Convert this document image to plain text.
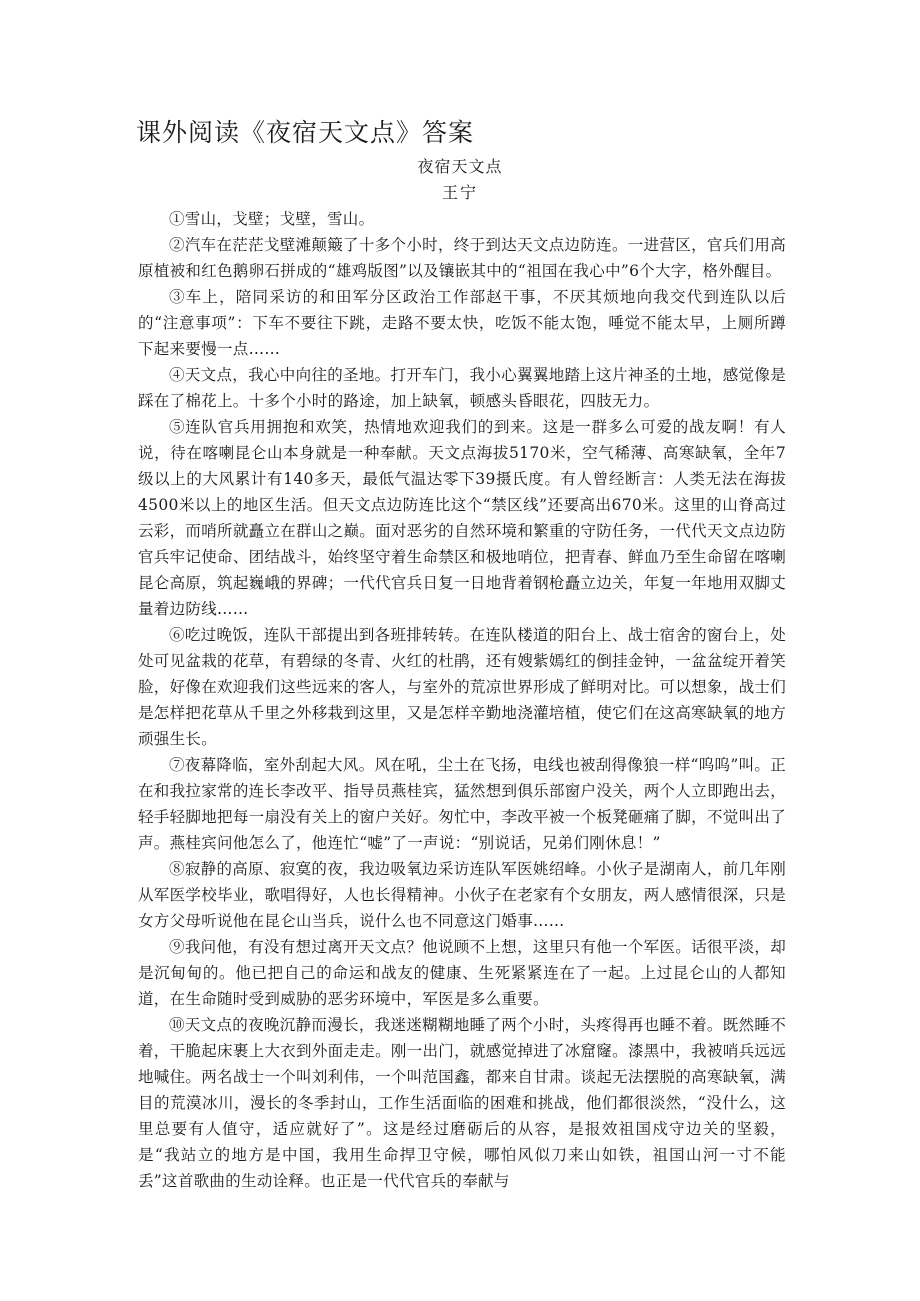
课外阅读《夜宿天文点》答案
夜宿天文点
王宁

①雪山，戈壁；戈壁，雪山。

②汽车在茫茫戈壁滩颠簸了十多个小时，终于到达天文点边防连。一进营区，官兵们用高原植被和红色鹅卵石拼成的“雄鸡版图”以及镶嵌其中的“祖国在我心中”6个大字，格外醒目。

③车上，陪同采访的和田军分区政治工作部赵干事，不厌其烦地向我交代到连队以后的“注意事项”：下车不要往下跳，走路不要太快，吃饭不能太饱，唾觉不能太早，上厕所蹲下起来要慢一点……

④天文点，我心中向往的圣地。打开车门，我小心翼翼地踏上这片神圣的土地，感觉像是踩在了棉花上。十多个小时的路途，加上缺氧，顿感头昏眼花，四肢无力。

⑤连队官兵用拥抱和欢笑，热情地欢迎我们的到来。这是一群多么可爱的战友啊！有人说，待在喀喇昆仑山本身就是一种奉献。天文点海拔5170米，空气稀薄、高寒缺氧，全年7级以上的大风累计有140多天，最低气温达零下39摄氏度。有人曾经断言：人类无法在海拔4500米以上的地区生活。但天文点边防连比这个“禁区线”还要高出670米。这里的山脊高过云彩，而哨所就矗立在群山之巅。面对恶劣的自然环境和繁重的守防任务，一代代天文点边防官兵牢记使命、团结战斗，始终坚守着生命禁区和极地哨位，把青春、鲜血乃至生命留在喀喇昆仑高原，筑起巍峨的界碑；一代代官兵日复一日地背着钢枪矗立边关，年复一年地用双脚丈量着边防线……

⑥吃过晚饭，连队干部提出到各班排转转。在连队楼道的阳台上、战士宿舍的窗台上，处处可见盆栽的花草，有碧绿的冬青、火红的杜鹃，还有嫂紫嫣红的倒挂金钟，一盆盆绽开着笑脸，好像在欢迎我们这些远来的客人，与室外的荒凉世界形成了鲜明对比。可以想象，战士们是怎样把花草从千里之外移栽到这里，又是怎样辛勤地浇灌培植，使它们在这高寒缺氧的地方顽强生长。

⑦夜幕降临，室外刮起大风。风在吼，尘土在飞扬，电线也被刮得像狼一样“呜呜”叫。正在和我拉家常的连长李改平、指导员燕桂宾，猛然想到俱乐部窗户没关，两个人立即跑出去，轻手轻脚地把每一扇没有关上的窗户关好。匆忙中，李改平被一个板凳砸痛了脚，不觉叫出了声。燕桂宾问他怎么了，他连忙“嘘”了一声说：“别说话，兄弟们刚休息！”

⑧寂静的高原、寂寞的夜，我边吸氧边采访连队军医姚绍峰。小伙子是湖南人，前几年刚从军医学校毕业，歌唱得好，人也长得精神。小伙子在老家有个女朋友，两人感情很深，只是女方父母听说他在昆仑山当兵，说什么也不同意这门婚事……

⑨我问他，有没有想过离开天文点？他说顾不上想，这里只有他一个军医。话很平淡，却是沉甸甸的。他已把自己的命运和战友的健康、生死紧紧连在了一起。上过昆仑山的人都知道，在生命随时受到威胁的恶劣环境中，军医是多么重要。

⑩天文点的夜晚沉静而漫长，我迷迷糊糊地睡了两个小时，头疼得再也睡不着。既然睡不着，干脆起床裹上大衣到外面走走。刚一出门，就感觉掉进了冰窟窿。漆黑中，我被哨兵远远地喊住。两名战士一个叫刘利伟，一个叫范国鑫，都来自甘肃。谈起无法摆脱的高寒缺氧，满目的荒漠冰川，漫长的冬季封山，工作生活面临的困难和挑战，他们都很淡然，“没什么，这里总要有人值守，适应就好了”。这是经过磨砺后的从容，是报效祖国戍守边关的坚毅，是“我站立的地方是中国，我用生命捍卫守候，哪怕风似刀来山如铁，祖国山河一寸不能丢”这首歌曲的生动诠释。也正是一代代官兵的奉献与
